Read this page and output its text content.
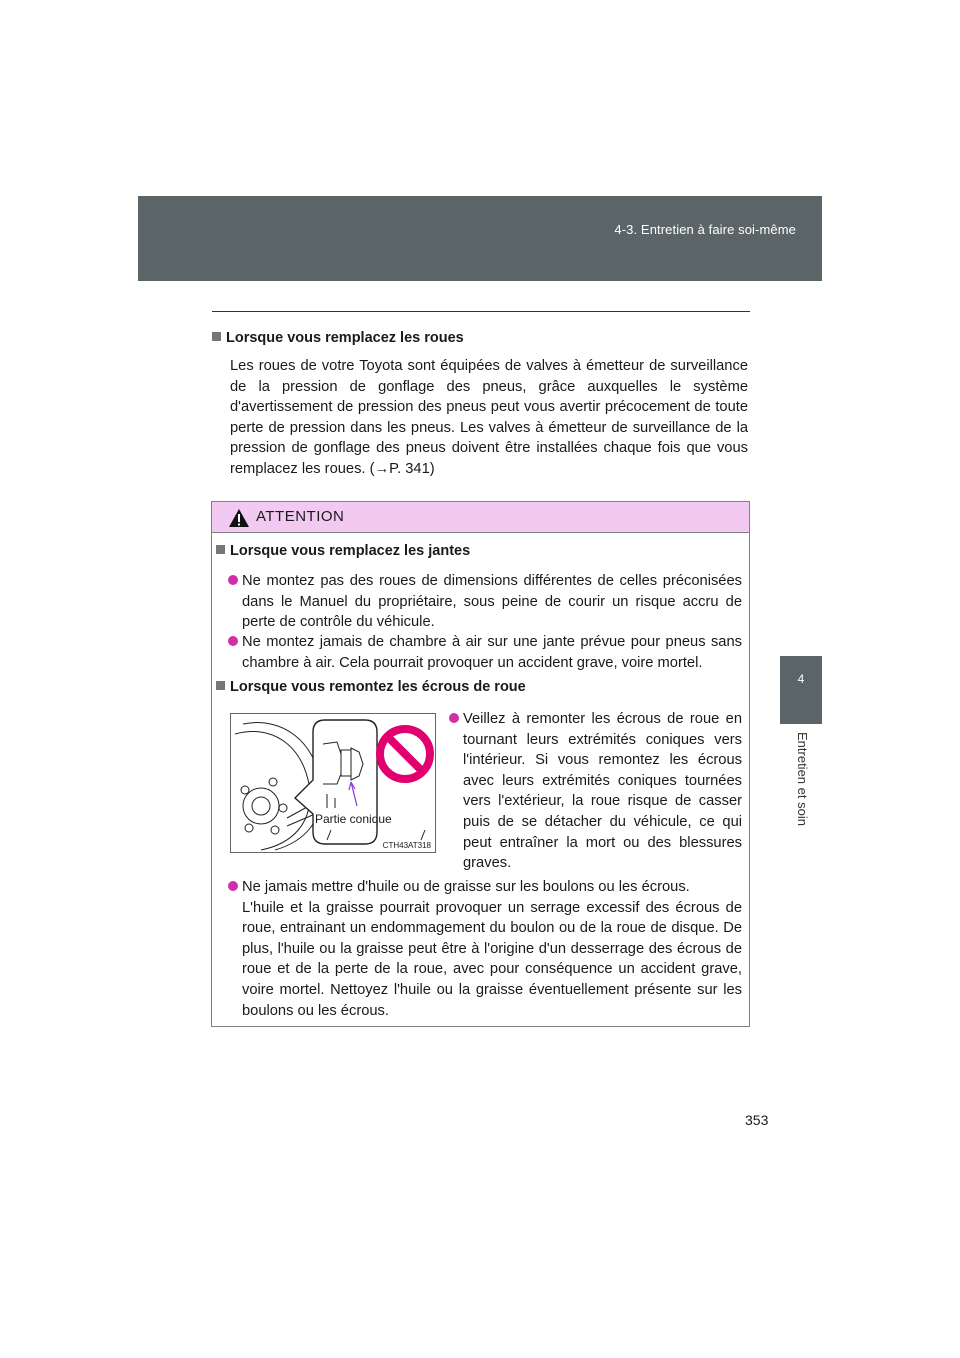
4-3. Entretien à faire soi-même
4
Entretien et soin
Lorsque vous remplacez les roues
Les roues de votre Toyota sont équipées de valves à émetteur de surveillance de la pression de gonflage des pneus, grâce auxquelles le système d'avertissement de pression des pneus peut vous avertir précocement de toute perte de pression dans les pneus. Les valves à émetteur de surveillance de la pression de gonflage des pneus doivent être installées chaque fois que vous remplacez les roues. (→P. 341)
ATTENTION
Lorsque vous remplacez les jantes
Ne montez pas des roues de dimensions différentes de celles préconisées dans le Manuel du propriétaire, sous peine de courir un risque accru de perte de contrôle du véhicule.
Ne montez jamais de chambre à air sur une jante prévue pour pneus sans chambre à air. Cela pourrait provoquer un accident grave, voire mortel.
Lorsque vous remontez les écrous de roue
Partie conique
CTH43AT318
Veillez à remonter les écrous de roue en tournant leurs extrémités coniques vers l'intérieur. Si vous remontez les écrous avec leurs extrémités coniques tournées vers l'extérieur, la roue risque de casser puis de se détacher du véhicule, ce qui peut entraîner la mort ou des blessures graves.
Ne jamais mettre d'huile ou de graisse sur les boulons ou les écrous.
L'huile et la graisse pourrait provoquer un serrage excessif des écrous de roue, entrainant un endommagement du boulon ou de la roue de disque. De plus, l'huile ou la graisse peut être à l'origine d'un desserrage des écrous de roue et de la perte de la roue, avec pour conséquence un accident grave, voire mortel. Nettoyez l'huile ou la graisse éventuellement présente sur les boulons ou les écrous.
353
